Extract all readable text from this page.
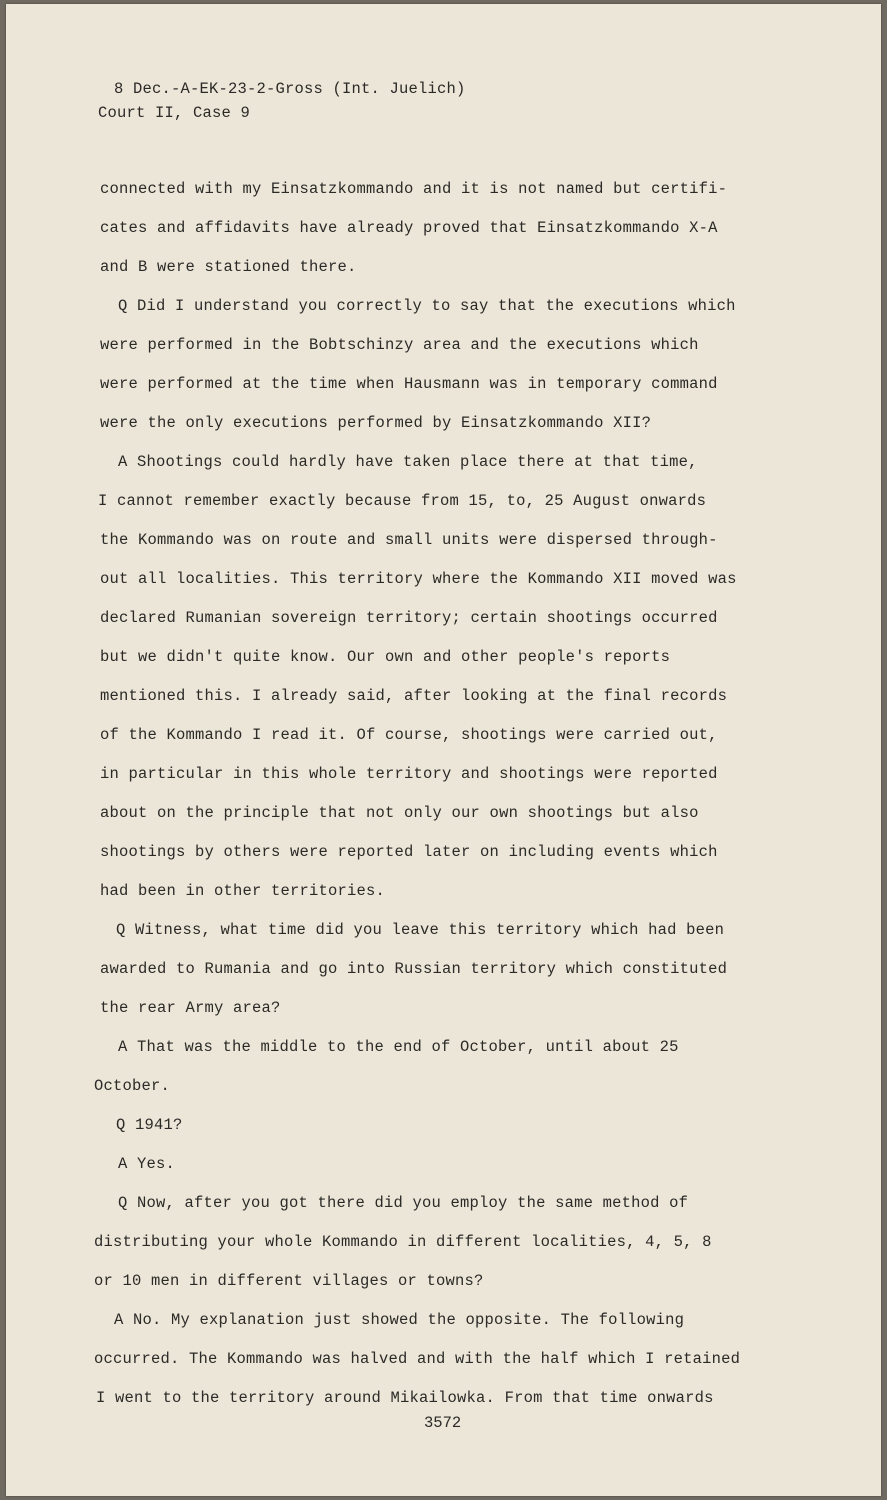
8 Dec.-A-EK-23-2-Gross (Int. Juelich)
Court II, Case 9
connected with my Einsatzkommando and it is not named but certifi-
cates and affidavits have already proved that Einsatzkommando X-A
and B were stationed there.
Q Did I understand you correctly to say that the executions which
were performed in the Bobtschinzy area and the executions which
were performed at the time when Hausmann was in temporary command
were the only executions performed by Einsatzkommando XII?
A Shootings could hardly have taken place there at that time,
I cannot remember exactly because from 15, to, 25 August onwards
the Kommando was on route and small units were dispersed through-
out all localities. This territory where the Kommando XII moved was
declared Rumanian sovereign territory; certain shootings occurred
but we didn't quite know. Our own and other people's reports
mentioned this. I already said, after looking at the final records
of the Kommando I read it. Of course, shootings were carried out,
in particular in this whole territory and shootings were reported
about on the principle that not only our own shootings but also
shootings by others were reported later on including events which
had been in other territories.
Q Witness, what time did you leave this territory which had been
awarded to Rumania and go into Russian territory which constituted
the rear Army area?
A That was the middle to the end of October, until about 25
October.
Q 1941?
A Yes.
Q Now, after you got there did you employ the same method of
distributing your whole Kommando in different localities, 4, 5, 8
or 10 men in different villages or towns?
A No. My explanation just showed the opposite. The following
occurred. The Kommando was halved and with the half which I retained
I went to the territory around Mikailowka. From that time onwards
3572
